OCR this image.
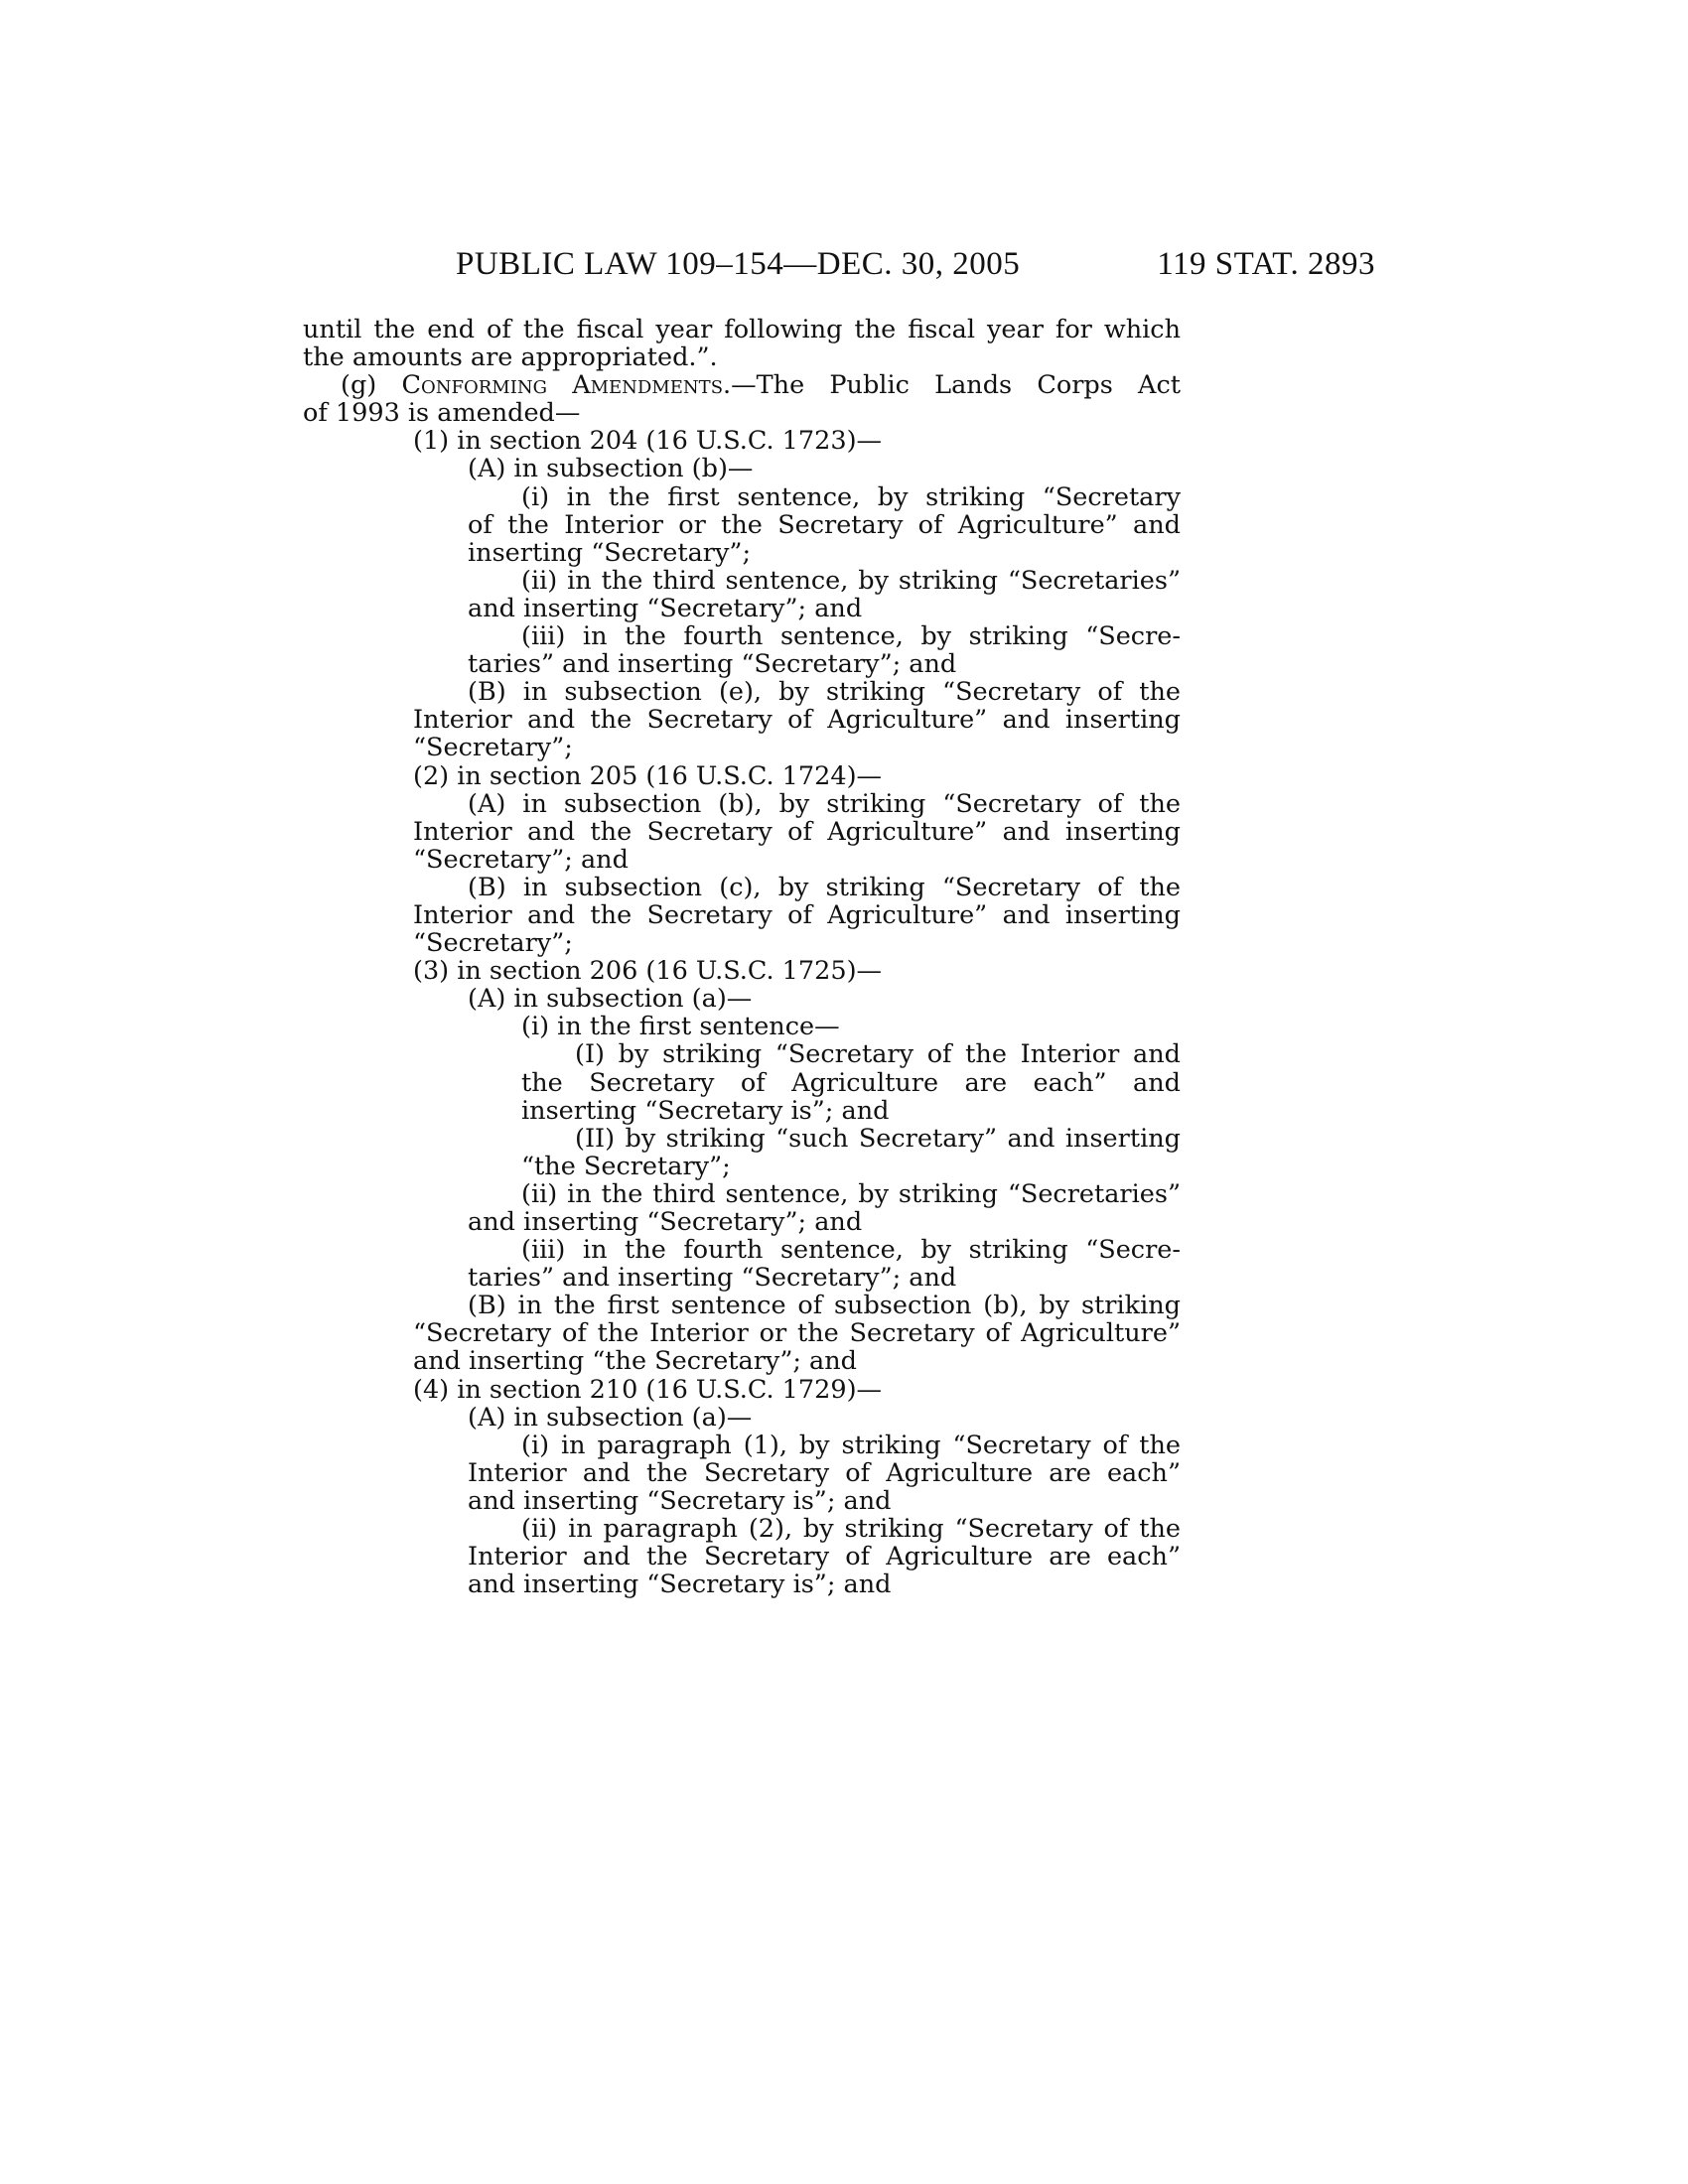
PUBLIC LAW 109–154—DEC. 30, 2005	119 STAT. 2893
until the end of the fiscal year following the fiscal year for which
the amounts are appropriated.”.
(g) Conforming Amendments.—The Public Lands Corps Act
of 1993 is amended—
(1) in section 204 (16 U.S.C. 1723)—
(A) in subsection (b)—
(i) in the first sentence, by striking “Secretary
of the Interior or the Secretary of Agriculture” and
inserting “Secretary”;
(ii) in the third sentence, by striking “Secretaries”
and inserting “Secretary”; and
(iii) in the fourth sentence, by striking “Secre-
taries” and inserting “Secretary”; and
(B) in subsection (e), by striking “Secretary of the
Interior and the Secretary of Agriculture” and inserting
“Secretary”;
(2) in section 205 (16 U.S.C. 1724)—
(A) in subsection (b), by striking “Secretary of the
Interior and the Secretary of Agriculture” and inserting
“Secretary”; and
(B) in subsection (c), by striking “Secretary of the
Interior and the Secretary of Agriculture” and inserting
“Secretary”;
(3) in section 206 (16 U.S.C. 1725)—
(A) in subsection (a)—
(i) in the first sentence—
(I) by striking “Secretary of the Interior and
the Secretary of Agriculture are each” and
inserting “Secretary is”; and
(II) by striking “such Secretary” and inserting
“the Secretary”;
(ii) in the third sentence, by striking “Secretaries”
and inserting “Secretary”; and
(iii) in the fourth sentence, by striking “Secre-
taries” and inserting “Secretary”; and
(B) in the first sentence of subsection (b), by striking
“Secretary of the Interior or the Secretary of Agriculture”
and inserting “the Secretary”; and
(4) in section 210 (16 U.S.C. 1729)—
(A) in subsection (a)—
(i) in paragraph (1), by striking “Secretary of the
Interior and the Secretary of Agriculture are each”
and inserting “Secretary is”; and
(ii) in paragraph (2), by striking “Secretary of the
Interior and the Secretary of Agriculture are each”
and inserting “Secretary is”; and
